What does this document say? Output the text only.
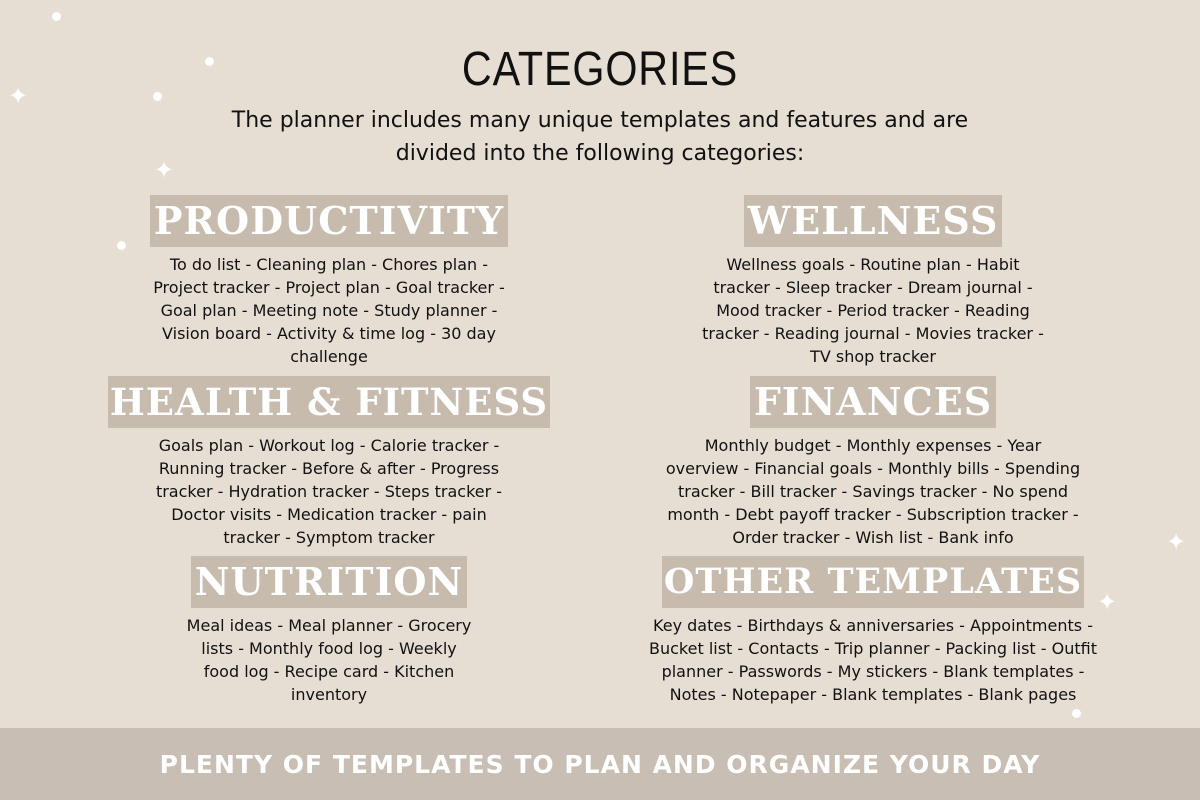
✦
✦
✦
✦
CATEGORIES
The planner includes many unique templates and features and are
divided into the following categories:
PRODUCTIVITY
To do list - Cleaning plan - Chores plan -
Project tracker - Project plan - Goal tracker -
Goal plan - Meeting note - Study planner -
Vision board - Activity & time log - 30 day
challenge
WELLNESS
Wellness goals - Routine plan - Habit
tracker - Sleep tracker - Dream journal -
Mood tracker - Period tracker - Reading
tracker - Reading journal - Movies tracker -
TV shop tracker
HEALTH & FITNESS
Goals plan - Workout log - Calorie tracker -
Running tracker - Before & after - Progress
tracker - Hydration tracker - Steps tracker -
Doctor visits - Medication tracker - pain
tracker - Symptom tracker
FINANCES
Monthly budget - Monthly expenses - Year
overview - Financial goals - Monthly bills - Spending
tracker - Bill tracker - Savings tracker - No spend
month - Debt payoff tracker - Subscription tracker -
Order tracker - Wish list - Bank info
NUTRITION
Meal ideas - Meal planner - Grocery
lists - Monthly food log - Weekly
food log - Recipe card - Kitchen
inventory
OTHER TEMPLATES
Key dates - Birthdays & anniversaries - Appointments -
Bucket list - Contacts - Trip planner - Packing list - Outfit
planner - Passwords - My stickers - Blank templates -
Notes - Notepaper - Blank templates - Blank pages
PLENTY OF TEMPLATES TO PLAN AND ORGANIZE YOUR DAY
